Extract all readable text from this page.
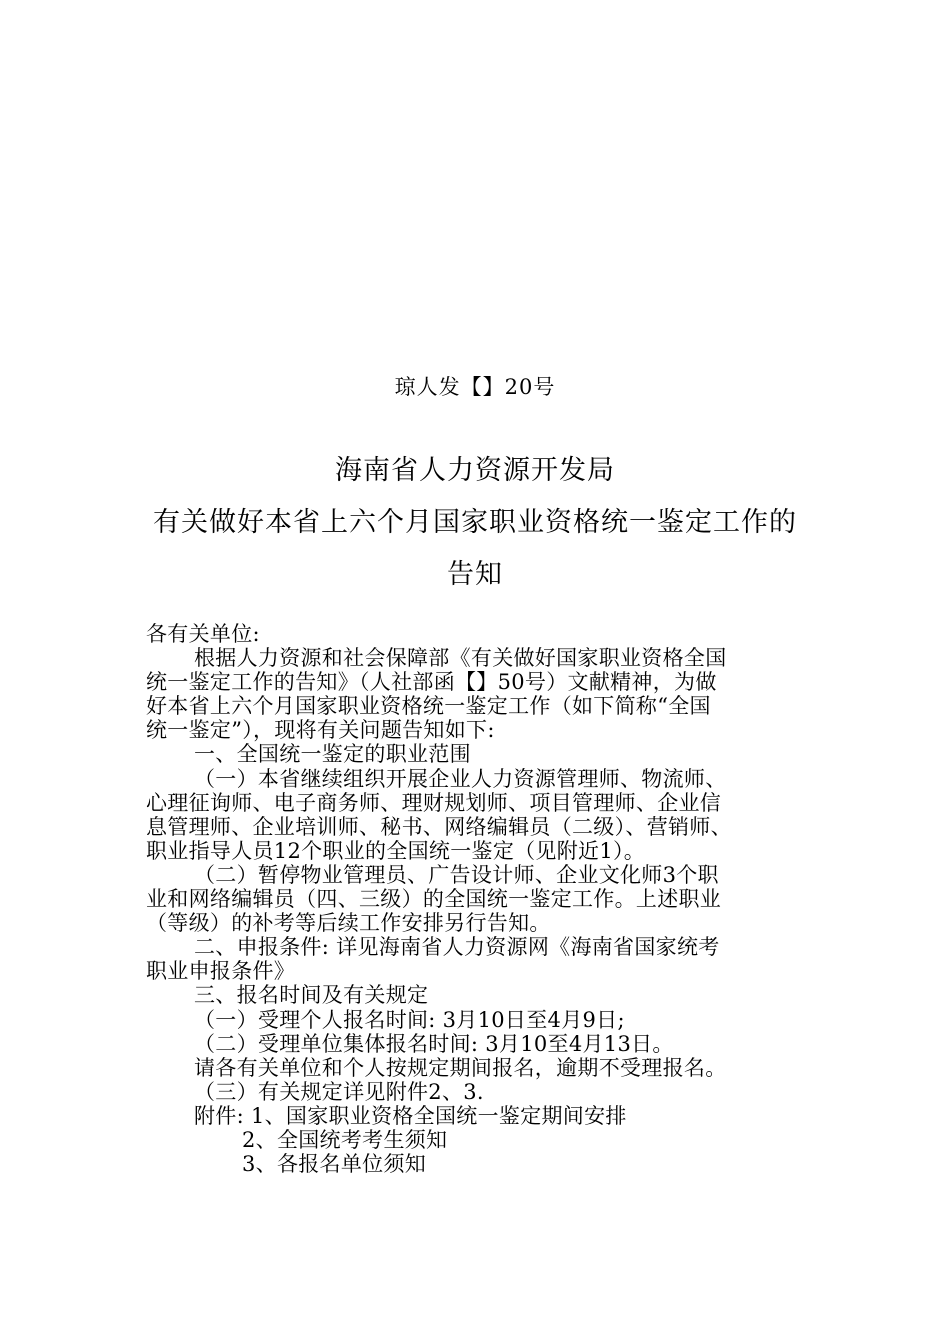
琼人发【】20号
海南省人力资源开发局
有关做好本省上六个月国家职业资格统一鉴定工作的
告知
各有关单位:
根据人力资源和社会保障部《有关做好国家职业资格全国
统一鉴定工作的告知》（人社部函【】50号）文献精神，为做
好本省上六个月国家职业资格统一鉴定工作（如下简称“全国
统一鉴定”），现将有关问题告知如下:
一、全国统一鉴定的职业范围
（一）本省继续组织开展企业人力资源管理师、物流师、
心理征询师、电子商务师、理财规划师、项目管理师、企业信
息管理师、企业培训师、秘书、网络编辑员（二级）、营销师、
职业指导人员12个职业的全国统一鉴定（见附近1）。
（二）暂停物业管理员、广告设计师、企业文化师3个职
业和网络编辑员（四、三级）的全国统一鉴定工作。上述职业
（等级）的补考等后续工作安排另行告知。
二、申报条件: 详见海南省人力资源网《海南省国家统考
职业申报条件》
三、报名时间及有关规定
（一）受理个人报名时间: 3月10日至4月9日;
（二）受理单位集体报名时间: 3月10至4月13日。
请各有关单位和个人按规定期间报名，逾期不受理报名。
（三）有关规定详见附件2、3.
附件: 1、国家职业资格全国统一鉴定期间安排
2、全国统考考生须知
3、各报名单位须知
